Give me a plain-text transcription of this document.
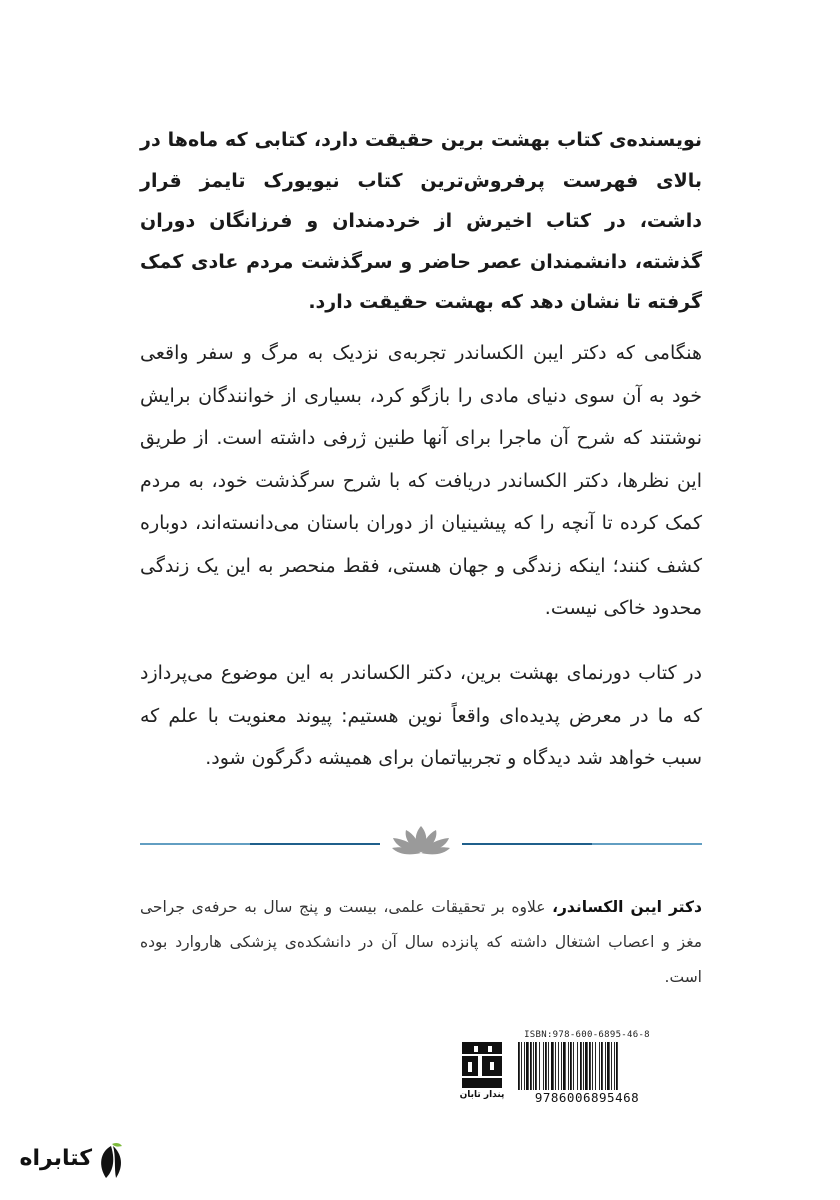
نویسنده‌ی کتاب بهشت برین حقیقت دارد، کتابی که ماه‌ها در بالای فهرست پرفروش‌ترین کتاب نیویورک تایمز قرار داشت، در کتاب اخیرش از خردمندان و فرزانگان دوران گذشته، دانشمندان عصر حاضر و سرگذشت مردم عادی کمک گرفته تا نشان دهد که بهشت حقیقت دارد.
هنگامی که دکتر ایبن الکساندر تجربه‌ی نزدیک به مرگ و سفر واقعی خود به آن سوی دنیای مادی را بازگو کرد، بسیاری از خوانندگان برایش نوشتند که شرح آن ماجرا برای آنها طنین ژرفی داشته است. از طریق این نظرها، دکتر الکساندر دریافت که با شرح سرگذشت خود، به مردم کمک کرده تا آنچه را که پیشینیان از دوران باستان می‌دانسته‌اند، دوباره کشف کنند؛ اینکه زندگی و جهان هستی، فقط منحصر به این یک زندگی محدود خاکی نیست.
در کتاب دورنمای بهشت برین، دکتر الکساندر به این موضوع می‌پردازد که ما در معرض پدیده‌ای واقعاً نوین هستیم: پیوند معنویت با علم که سبب خواهد شد دیدگاه و تجربیاتمان برای همیشه دگرگون شود.
دکتر ایبن الکساندر، علاوه بر تحقیقات علمی، بیست و پنج سال به حرفه‌ی جراحی مغز و اعصاب اشتغال داشته که پانزده سال آن در دانشکده‌ی پزشکی هاروارد بوده است.
پندار تابان
ISBN:978-600-6895-46-8
9786006895468
کتابراه
